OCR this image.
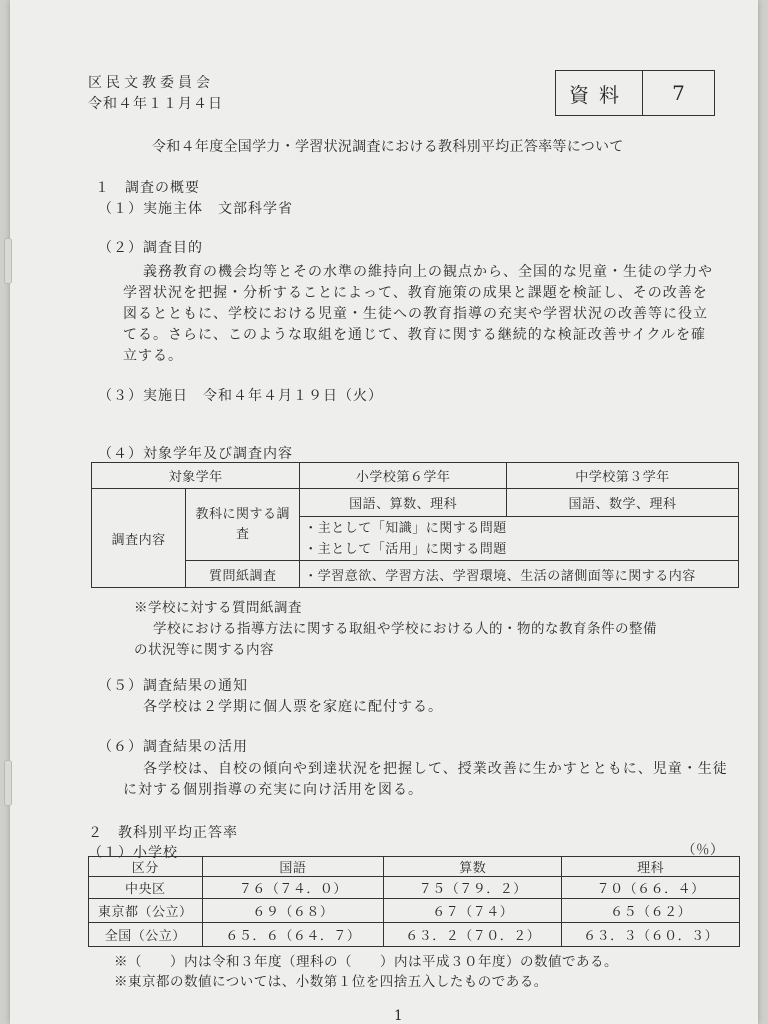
区民文教委員会
令和４年１１月４日	資料	7
令和４年度全国学力・学習状況調査における教科別平均正答率等について
１　調査の概要
（１）実施主体　文部科学省
（２）調査目的
義務教育の機会均等とその水準の維持向上の観点から、全国的な児童・生徒の学力や
学習状況を把握・分析することによって、教育施策の成果と課題を検証し、その改善を
図るとともに、学校における児童・生徒への教育指導の充実や学習状況の改善等に役立
てる。さらに、このような取組を通じて、教育に関する継続的な検証改善サイクルを確
立する。
（３）実施日　令和４年４月１９日（火）
（４）対象学年及び調査内容
対象学年		小学校第６学年	中学校第３学年
調査内容	教科に関する調査	国語、算数、理科	国語、数学、理科

		・主として「知識」に関する問題
・主として「活用」に関する問題	

	質問紙調査	・学習意欲、学習方法、学習環境、生活の諸側面等に関する内容	
※学校に対する質問紙調査
学校における指導方法に関する取組や学校における人的・物的な教育条件の整備
の状況等に関する内容
（５）調査結果の通知
各学校は２学期に個人票を家庭に配付する。
（６）調査結果の活用
各学校は、自校の傾向や到達状況を把握して、授業改善に生かすとともに、児童・生徒
に対する個別指導の充実に向け活用を図る。
２　教科別平均正答率
（１）小学校	（％）
区分	国語	算数	理科
中央区	７６（７４．０）	７５（７９．２）	７０（６６．４）
東京都（公立）	６９（６８）	６７（７４）	６５（６２）
全国（公立）	６５．６（６４．７）	６３．２（７０．２）	６３．３（６０．３）
※（　　）内は令和３年度（理科の（　　）内は平成３０年度）の数値である。
※東京都の数値については、小数第１位を四捨五入したものである。
1
